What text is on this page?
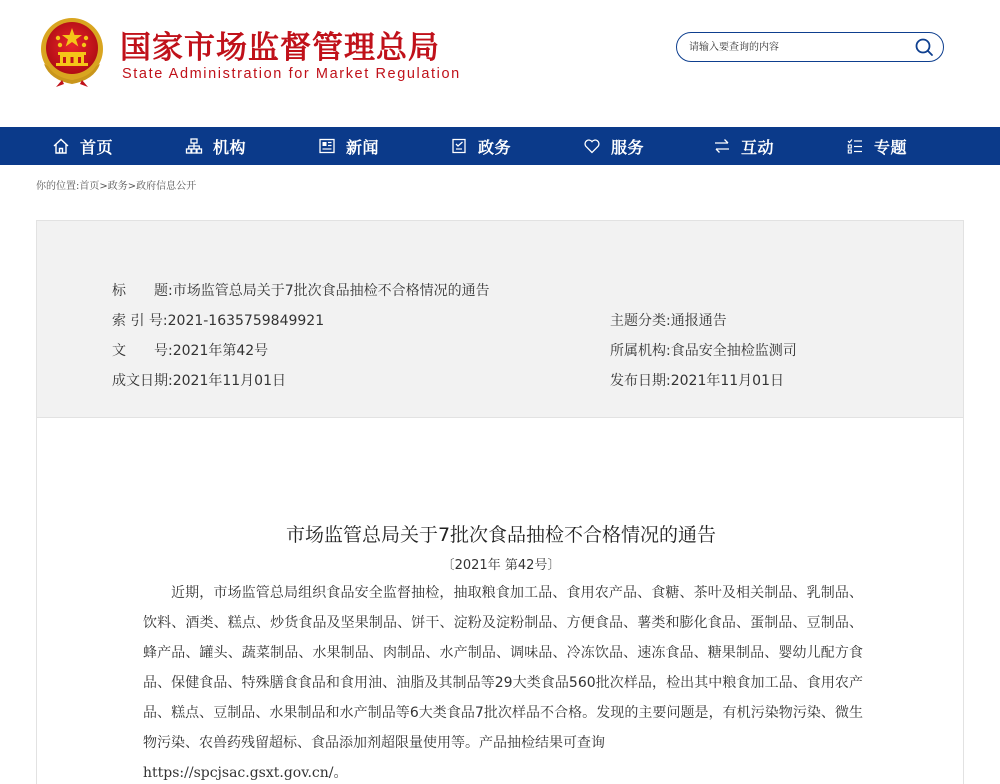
国家市场监督管理总局
State Administration for Market Regulation
请输入要查询的内容
首页	机构	新闻	政务	服务	互动	专题
你的位置:首页>政务>政府信息公开
标　　题:市场监管总局关于7批次食品抽检不合格情况的通告
索 引 号:2021-1635759849921	主题分类:通报通告
文　　号:2021年第42号	所属机构:食品安全抽检监测司
成文日期:2021年11月01日	发布日期:2021年11月01日
市场监管总局关于7批次食品抽检不合格情况的通告
〔2021年 第42号〕
近期，市场监管总局组织食品安全监督抽检，抽取粮食加工品、食用农产品、食糖、茶叶及相关制品、乳制品、饮料、酒类、糕点、炒货食品及坚果制品、饼干、淀粉及淀粉制品、方便食品、薯类和膨化食品、蛋制品、豆制品、蜂产品、罐头、蔬菜制品、水果制品、肉制品、水产制品、调味品、冷冻饮品、速冻食品、糖果制品、婴幼儿配方食品、保健食品、特殊膳食食品和食用油、油脂及其制品等29大类食品560批次样品，检出其中粮食加工品、食用农产品、糕点、豆制品、水果制品和水产制品等6大类食品7批次样品不合格。发现的主要问题是，有机污染物污染、微生物污染、农兽药残留超标、食品添加剂超限量使用等。产品抽检结果可查询
https://spcjsac.gsxt.gov.cn/。
